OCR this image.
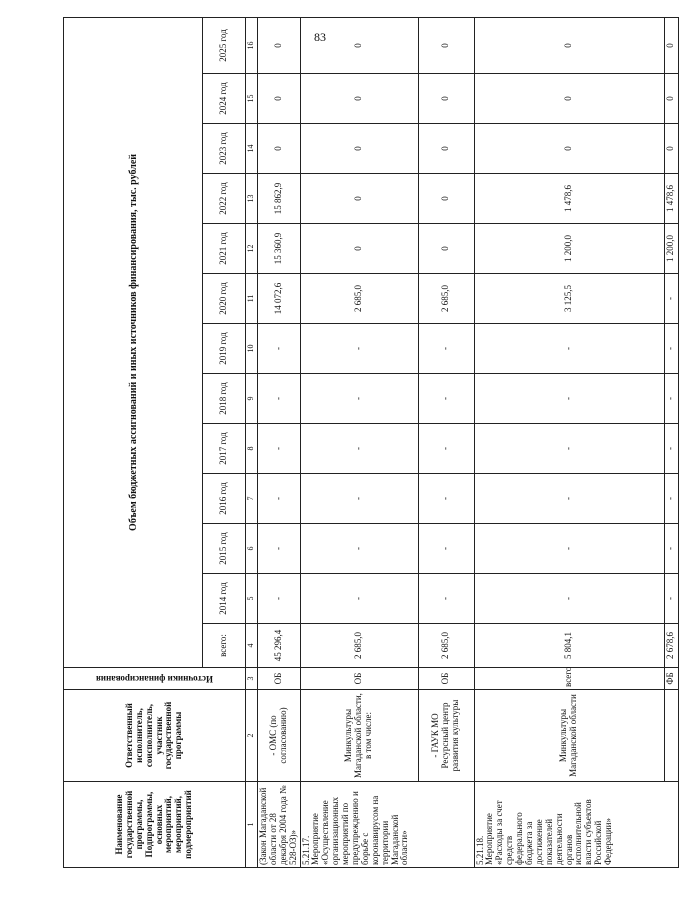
83
Наименование государственной программы, Подпрограммы, основных мероприятий, мероприятий, подмероприятий	Ответственный исполнитель, соисполнитель, участник государственной программы	Источники финансирования	Объем бюджетных ассигнований и иных источников финансирования, тыс. рублей												
			всего:	2014 год	2015 год	2016 год	2017 год	2018 год	2019 год	2020 год	2021 год	2022 год	2023 год	2024 год	2025 год
1	2	3	4	5	6	7	8	9	10	11	12	13	14	15	16
(Закон Магаданской области от 28 декабря 2004 года № 528-ОЗ)»	- ОМС (по согласованию)	ОБ	45 296,4	-	-	-	-	-	-	14 072,6	15 360,9	15 862,9	0	0	0
5.21.17. Мероприятие «Осуществление организационных мероприятий по предупреждению и борьбе с коронавирусом на территории Магаданской области»	Минкультуры Магаданской области, в том числе:	ОБ	2 685,0	-	-	-	-	-	-	2 685,0	0	0	0	0	0
	- ГАУК МО Ресурсный центр развития культуры	ОБ	2 685,0	-	-	-	-	-	-	2 685,0	0	0	0	0	0
5.21.18. Мероприятие «Расходы за счет средств федерального бюджета за достижение показателей деятельности органов исполнительной власти субъектов Российской Федерации»	Минкультуры Магаданской области	всего	5 804,1	-	-	-	-	-	-	3 125,5	1 200,0	1 478,6	0	0	0
		ФБ	2 678,6	-	-	-	-	-	-	-	1 200,0	1 478,6	0	0	0
